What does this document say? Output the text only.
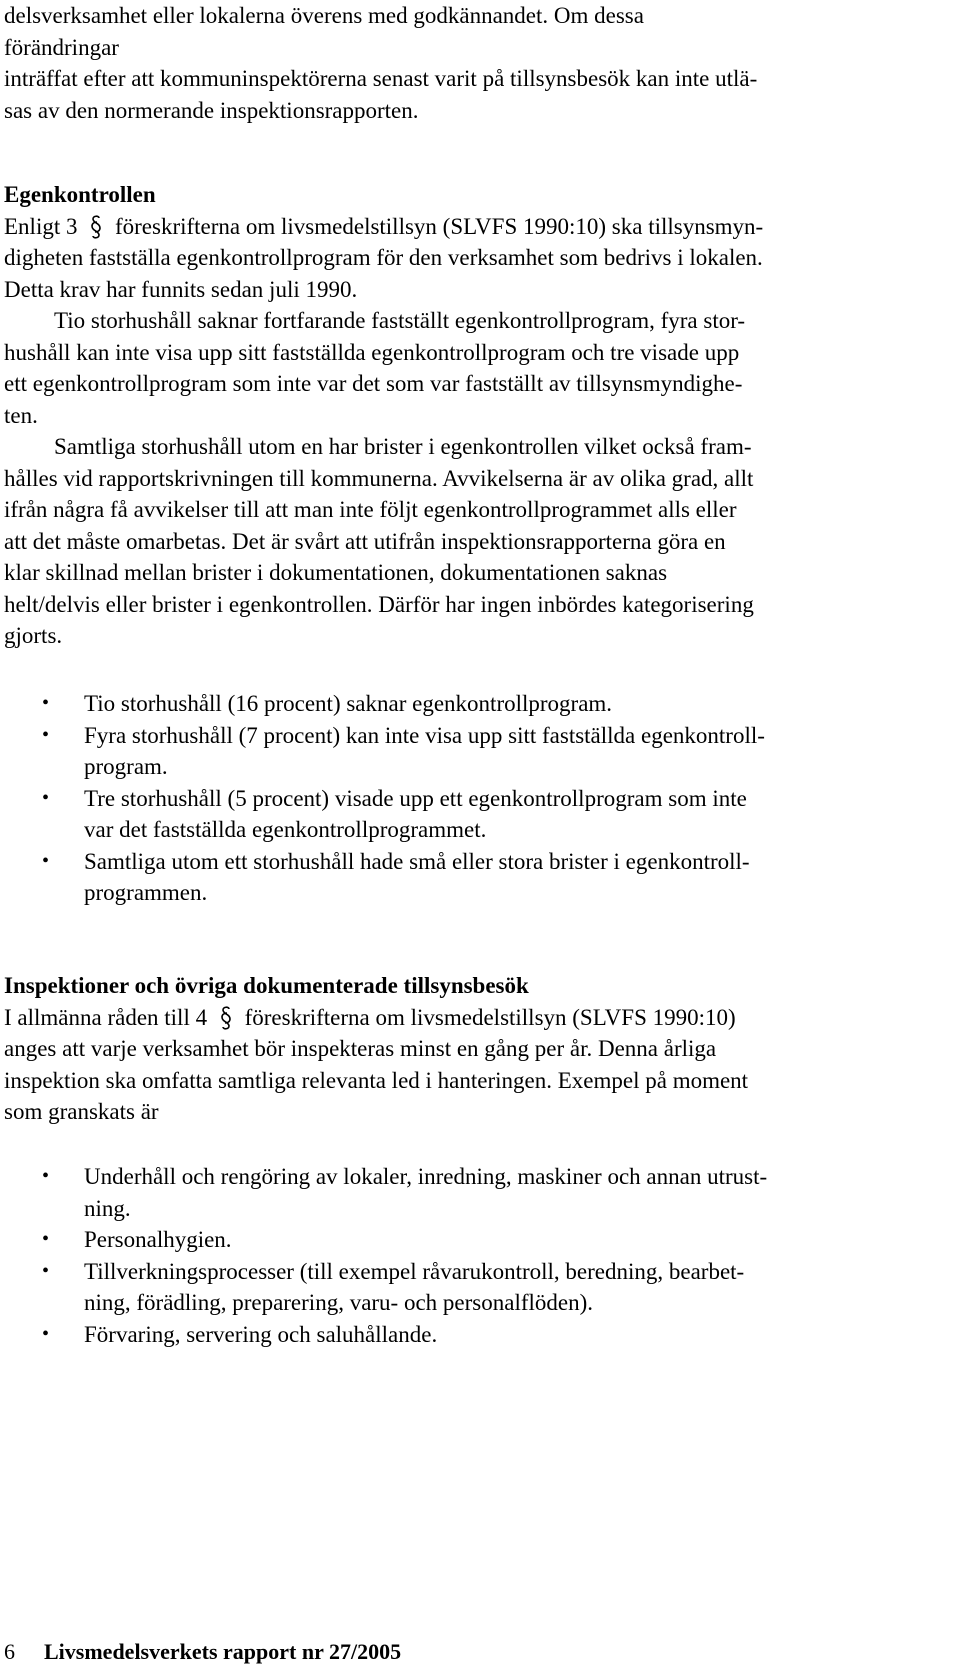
delsverksamhet eller lokalerna överens med godkännandet. Om dessa
förändringar
inträffat efter att kommuninspektörerna senast varit på tillsynsbesök kan inte utlä-
sas av den normerande inspektionsrapporten.
Egenkontrollen
Enligt 3 föreskrifterna om livsmedelstillsyn (SLVFS 1990:10) ska tillsynsmyn-
digheten fastställa egenkontrollprogram för den verksamhet som bedrivs i lokalen.
Detta krav har funnits sedan juli 1990.
Tio storhushåll saknar fortfarande fastställt egenkontrollprogram, fyra stor-
hushåll kan inte visa upp sitt fastställda egenkontrollprogram och tre visade upp
ett egenkontrollprogram som inte var det som var fastställt av tillsynsmyndighe-
ten.
Samtliga storhushåll utom en har brister i egenkontrollen vilket också fram-
hålles vid rapportskrivningen till kommunerna. Avvikelserna är av olika grad, allt
ifrån några få avvikelser till att man inte följt egenkontrollprogrammet alls eller
att det måste omarbetas. Det är svårt att utifrån inspektionsrapporterna göra en
klar skillnad mellan brister i dokumentationen, dokumentationen saknas
helt/delvis eller brister i egenkontrollen. Därför har ingen inbördes kategorisering
gjorts.
• Tio storhushåll (16 procent) saknar egenkontrollprogram.
• Fyra storhushåll (7 procent) kan inte visa upp sitt fastställda egenkontroll-
program.
• Tre storhushåll (5 procent) visade upp ett egenkontrollprogram som inte
var det fastställda egenkontrollprogrammet.
• Samtliga utom ett storhushåll hade små eller stora brister i egenkontroll-
programmen.
Inspektioner och övriga dokumenterade tillsynsbesök
I allmänna råden till 4 föreskrifterna om livsmedelstillsyn (SLVFS 1990:10)
anges att varje verksamhet bör inspekteras minst en gång per år. Denna årliga
inspektion ska omfatta samtliga relevanta led i hanteringen. Exempel på moment
som granskats är
• Underhåll och rengöring av lokaler, inredning, maskiner och annan utrust-
ning.
• Personalhygien.
• Tillverkningsprocesser (till exempel råvarukontroll, beredning, bearbet-
ning, förädling, preparering, varu- och personalflöden).
• Förvaring, servering och saluhållande.
6 Livsmedelsverkets rapport nr 27/2005
